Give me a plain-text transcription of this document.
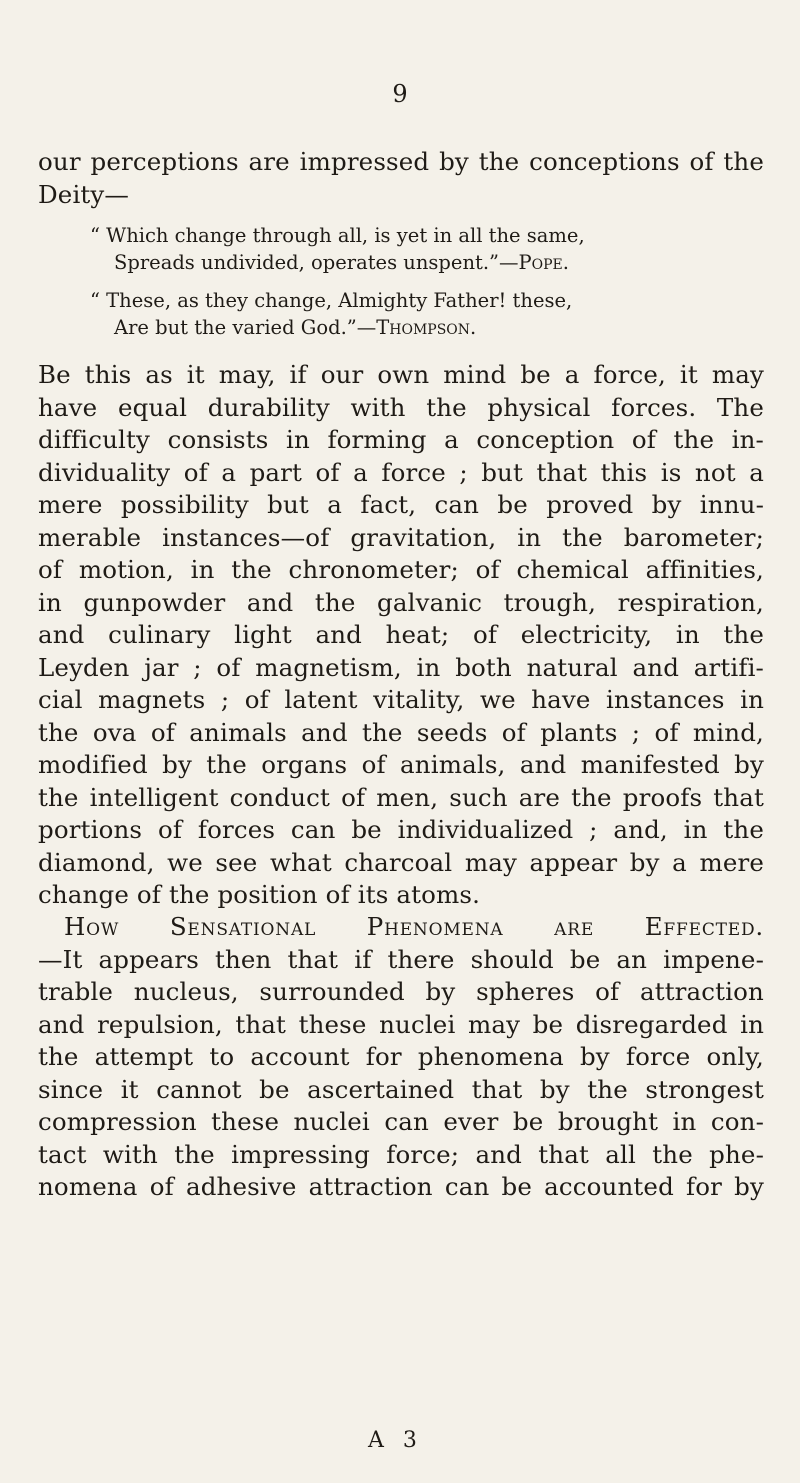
9
our perceptions are impressed by the conceptions of the
Deity—
“ Which change through all, is yet in all the same,
Spreads undivided, operates unspent.”—Pope.
“ These, as they change, Almighty Father! these,
Are but the varied God.”—Thompson.
Be this as it may, if our own mind be a force, it may
have equal durability with the physical forces. The
difficulty consists in forming a conception of the in-
dividuality of a part of a force ; but that this is not a
mere possibility but a fact, can be proved by innu-
merable instances—of gravitation, in the barometer;
of motion, in the chronometer; of chemical affinities,
in gunpowder and the galvanic trough, respiration,
and culinary light and heat; of electricity, in the
Leyden jar ; of magnetism, in both natural and artifi-
cial magnets ; of latent vitality, we have instances in
the ova of animals and the seeds of plants ; of mind,
modified by the organs of animals, and manifested by
the intelligent conduct of men, such are the proofs that
portions of forces can be individualized ; and, in the
diamond, we see what charcoal may appear by a mere
change of the position of its atoms.
How Sensational Phenomena are Effected.
—It appears then that if there should be an impene-
trable nucleus, surrounded by spheres of attraction
and repulsion, that these nuclei may be disregarded in
the attempt to account for phenomena by force only,
since it cannot be ascertained that by the strongest
compression these nuclei can ever be brought in con-
tact with the impressing force; and that all the phe-
nomena of adhesive attraction can be accounted for by
A 3
